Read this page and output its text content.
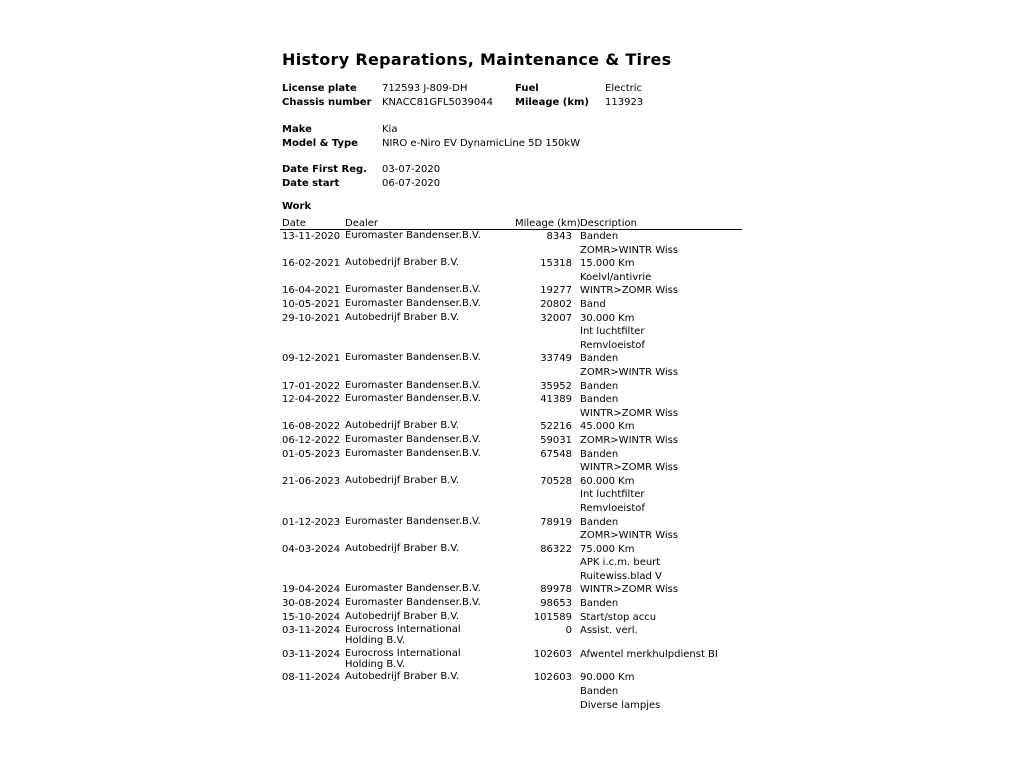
History Reparations, Maintenance & Tires
License plate	712593 J-809-DH	Fuel	Electric
Chassis number KNACC81GFL5039044 Mileage (km) 113923
Make	Kia
Model & Type NIRO e-Niro EV DynamicLine 5D 150kW
Date First Reg. 03-07-2020
Date start	06-07-2020
Work
Date	Dealer	Mileage (km) Description
13-11-2020 Euromaster Bandenser.B.V.	8343 Banden
ZOMR>WINTR Wiss
16-02-2021 Autobedrijf Braber B.V.	15318 15.000 Km
Koelvl/antivrie
16-04-2021 Euromaster Bandenser.B.V.	19277 WINTR>ZOMR Wiss
10-05-2021 Euromaster Bandenser.B.V.	20802 Band
29-10-2021 Autobedrijf Braber B.V.	32007 30.000 Km
Int luchtfilter
Remvloeistof
09-12-2021 Euromaster Bandenser.B.V.	33749 Banden
ZOMR>WINTR Wiss
17-01-2022 Euromaster Bandenser.B.V.	35952 Banden
12-04-2022 Euromaster Bandenser.B.V.	41389 Banden
WINTR>ZOMR Wiss
16-08-2022 Autobedrijf Braber B.V.	52216 45.000 Km
06-12-2022 Euromaster Bandenser.B.V.	59031 ZOMR>WINTR Wiss
01-05-2023 Euromaster Bandenser.B.V.	67548 Banden
WINTR>ZOMR Wiss
21-06-2023 Autobedrijf Braber B.V.	70528 60.000 Km
Int luchtfilter
Remvloeistof
01-12-2023 Euromaster Bandenser.B.V.	78919 Banden
ZOMR>WINTR Wiss
04-03-2024 Autobedrijf Braber B.V.	86322 75.000 Km
APK i.c.m. beurt
Ruitewiss.blad V
19-04-2024 Euromaster Bandenser.B.V.	89978 WINTR>ZOMR Wiss
30-08-2024 Euromaster Bandenser.B.V.	98653 Banden
15-10-2024 Autobedrijf Braber B.V.	101589 Start/stop accu
03-11-2024 Eurocross International Holding B.V.
0 Assist. verl.
03-11-2024 Eurocross International Holding B.V.
102603 Afwentel merkhulpdienst BI
08-11-2024 Autobedrijf Braber B.V.	102603 90.000 Km
Banden
Diverse lampjes
